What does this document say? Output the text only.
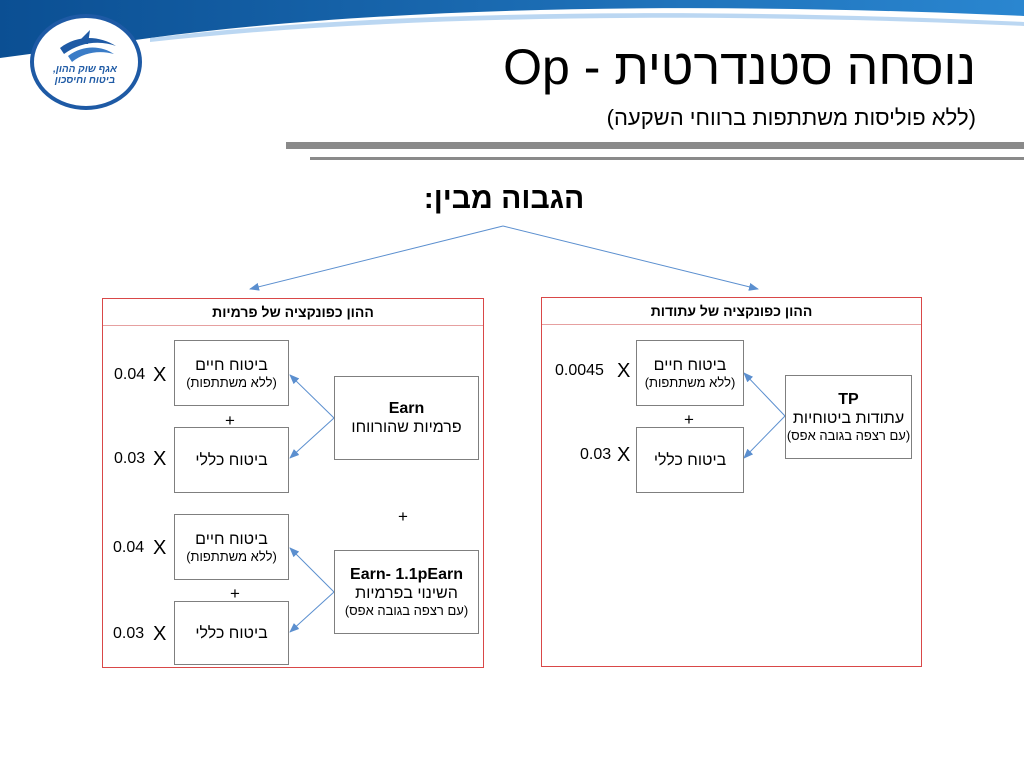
אגף שוק ההון,
ביטוח וחיסכון	נוסחה סטנדרטית - Op
(ללא פוליסות משתתפות ברווחי השקעה)
הגבוה מבין:
ההון כפונקציה של פרמיות	ההון כפונקציה של עתודות
Earn
פרמיות שהורווחו
ביטוח חיים
(ללא משתתפות)
ביטוח כללי
0.04 X
+
0.03 X
+
Earn- 1.1pEarn
השינוי בפרמיות
(עם רצפה בגובה אפס)
ביטוח חיים
(ללא משתתפות)
ביטוח כללי
0.04 X
+
0.03 X
TP
עתודות ביטוחיות
(עם רצפה בגובה אפס)
ביטוח חיים
(ללא משתתפות)
ביטוח כללי
0.0045 X
+
0.03 X
